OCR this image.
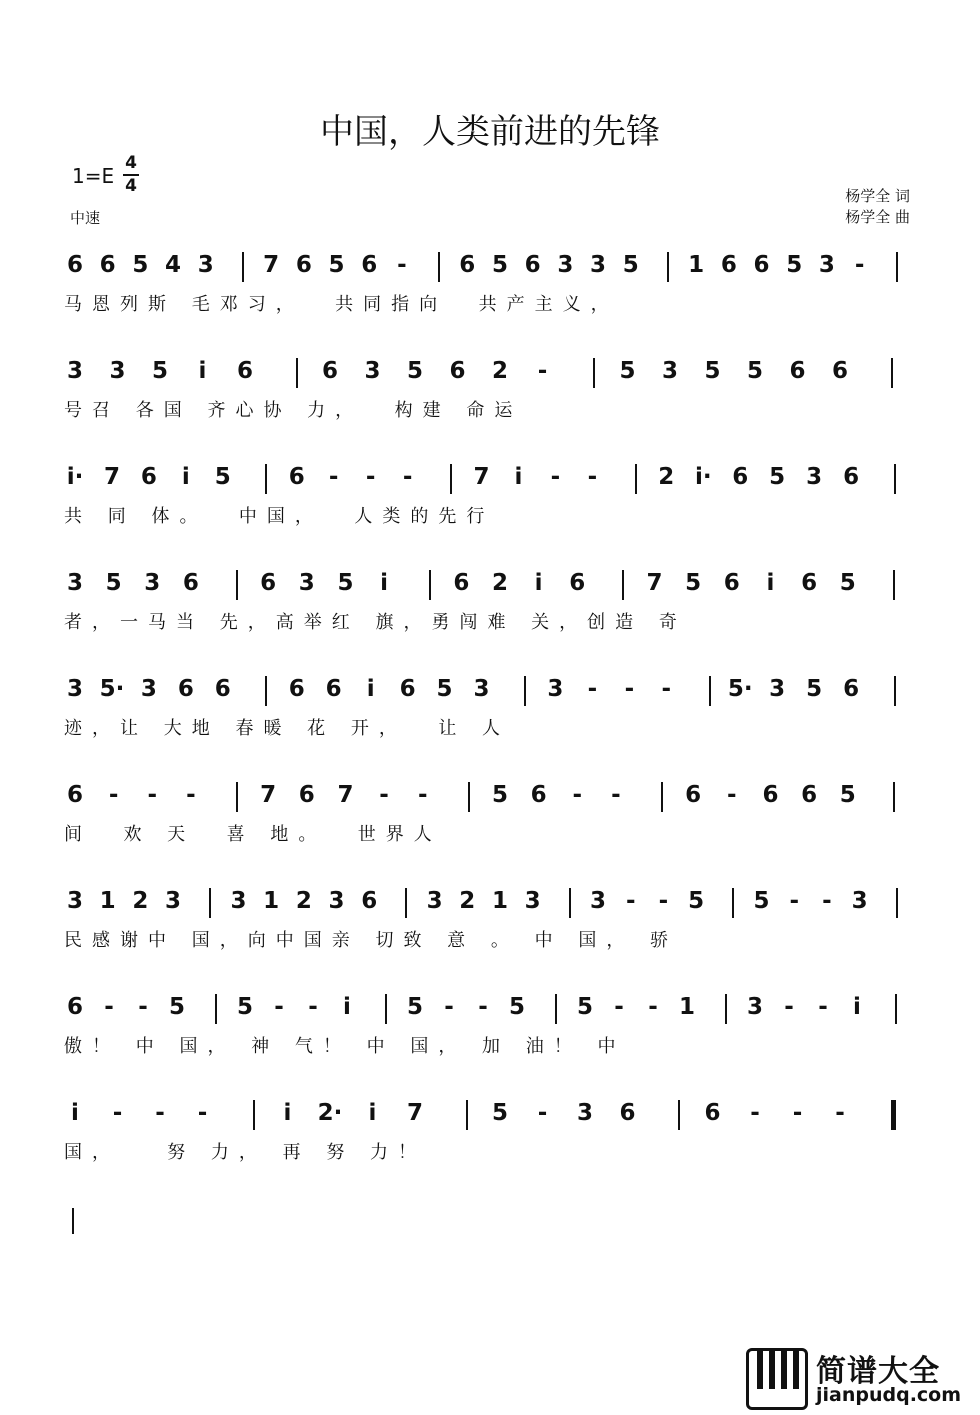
中国，人类前进的先锋
1=E
4
4
中速
杨学全 词
杨学全 曲
6 6 5 4 3 7 6 5 6 -	6 5 6 3 3 5 1 6 6 5 3 -
马恩列斯 毛邓习，  共同指向  共产主义，
3 3 5	i	6	6 3 5 6 2	-	5 3 5 5 6 6
号召 各国 齐心协 力，  构建 命运
i· 7 6	i	5	6	-	-	-	7	i	-	-	2 i· 6 5 3 6
共 同 体。  中国，  人类的先行
3 5 3 6	6 3 5	i	6 2	i	6	7 5 6	i	6 5
者，一马当 先，高举红 旗，勇闯难 关，创造 奇
3 5· 3 6 6	6 6	i	6 5 3	3	-	-	-	5· 3 5 6
迹，让 大地 春暖 花 开，  让 人
6	-	-	-	7 6 7	-	-	5 6	-	-	6	-	6 6 5
间  欢 天  喜 地。  世界人
3 1 2 3 3 1 2 3 6 3 2 1 3 3 -	- 5 5 -	- 3
民感谢中 国，向中国亲 切致 意 。 中 国， 骄
6 -	- 5 5 -	-	i	5 -	- 5 5 -	- 1 3 -	-	i
傲！ 中 国， 神 气！ 中 国， 加 油！ 中
i	-	-	-	i	2·	i	7	5	-	3 6	6	-	-	-
国，   努 力， 再 努 力！
简谱大全
jianpudq.com
